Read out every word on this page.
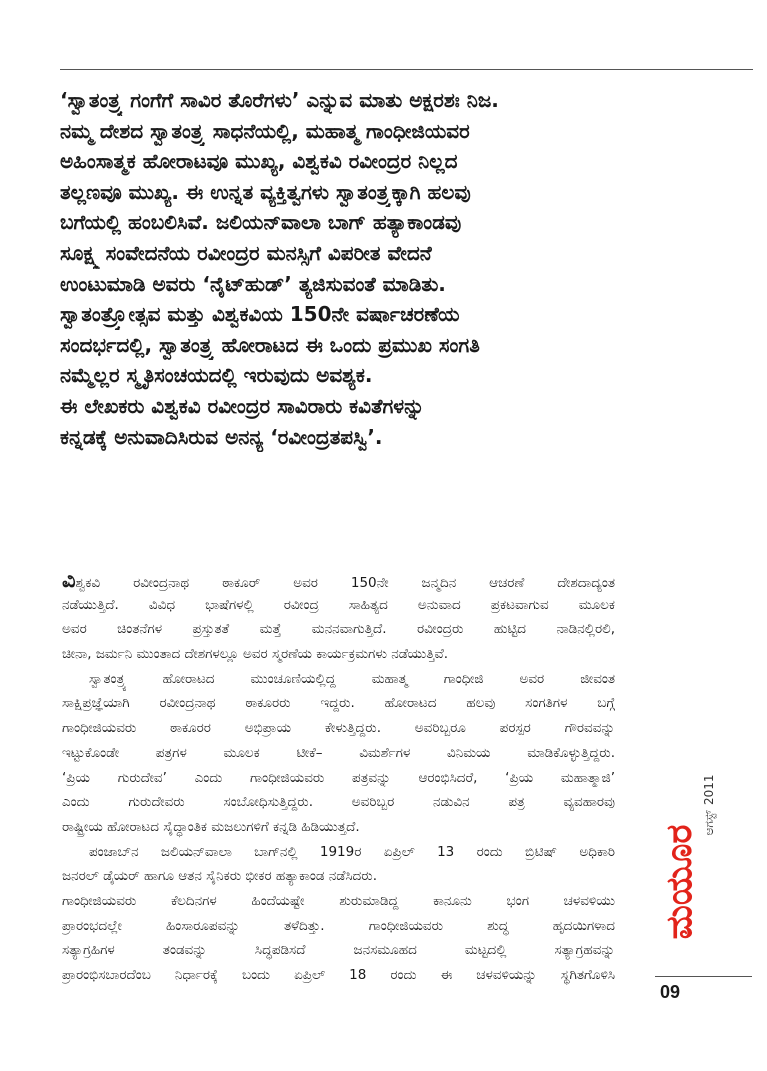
‘ಸ್ವಾತಂತ್ರ್ಯ ಗಂಗೆಗೆ ಸಾವಿರ ತೊರೆಗಳು’ ಎನ್ನುವ ಮಾತು ಅಕ್ಷರಶಃ ನಿಜ.
ನಮ್ಮ ದೇಶದ ಸ್ವಾತಂತ್ರ್ಯ ಸಾಧನೆಯಲ್ಲಿ, ಮಹಾತ್ಮ ಗಾಂಧೀಜಿಯವರ
ಅಹಿಂಸಾತ್ಮಕ ಹೋರಾಟವೂ ಮುಖ್ಯ, ವಿಶ್ವಕವಿ ರವೀಂದ್ರರ ನಿಲ್ಲದ
ತಲ್ಲಣವೂ ಮುಖ್ಯ. ಈ ಉನ್ನತ ವ್ಯಕ್ತಿತ್ವಗಳು ಸ್ವಾತಂತ್ರ್ಯಕ್ಕಾಗಿ ಹಲವು
ಬಗೆಯಲ್ಲಿ ಹಂಬಲಿಸಿವೆ. ಜಲಿಯನ್‌ವಾಲಾ ಬಾಗ್ ಹತ್ಯಾಕಾಂಡವು
ಸೂಕ್ಷ್ಮ ಸಂವೇದನೆಯ ರವೀಂದ್ರರ ಮನಸ್ಸಿಗೆ ವಿಪರೀತ ವೇದನೆ
ಉಂಟುಮಾಡಿ ಅವರು ‘ನೈಟ್‌ಹುಡ್’ ತ್ಯಜಿಸುವಂತೆ ಮಾಡಿತು.
ಸ್ವಾತಂತ್ರ್ಯೋತ್ಸವ ಮತ್ತು ವಿಶ್ವಕವಿಯ 150ನೇ ವರ್ಷಾಚರಣೆಯ
ಸಂದರ್ಭದಲ್ಲಿ, ಸ್ವಾತಂತ್ರ್ಯ ಹೋರಾಟದ ಈ ಒಂದು ಪ್ರಮುಖ ಸಂಗತಿ
ನಮ್ಮೆಲ್ಲರ ಸ್ಮೃತಿಸಂಚಯದಲ್ಲಿ ಇರುವುದು ಅವಶ್ಯಕ.
ಈ ಲೇಖಕರು ವಿಶ್ವಕವಿ ರವೀಂದ್ರರ ಸಾವಿರಾರು ಕವಿತೆಗಳನ್ನು
ಕನ್ನಡಕ್ಕೆ ಅನುವಾದಿಸಿರುವ ಅನನ್ಯ ‘ರವೀಂದ್ರತಪಸ್ವಿ’.
ವಿಶ್ವಕವಿ ರವೀಂದ್ರನಾಥ ಠಾಕೂರ್ ಅವರ 150ನೇ ಜನ್ಮದಿನ ಆಚರಣೆ ದೇಶದಾದ್ಯಂತ
ನಡೆಯುತ್ತಿದೆ. ವಿವಿಧ ಭಾಷೆಗಳಲ್ಲಿ ರವೀಂದ್ರ ಸಾಹಿತ್ಯದ ಅನುವಾದ ಪ್ರಕಟವಾಗುವ ಮೂಲಕ
ಅವರ ಚಿಂತನೆಗಳ ಪ್ರಸ್ತುತತೆ ಮತ್ತೆ ಮನನವಾಗುತ್ತಿದೆ. ರವೀಂದ್ರರು ಹುಟ್ಟಿದ ನಾಡಿನಲ್ಲಿರಲಿ,
ಚೀನಾ, ಜರ್ಮನಿ ಮುಂತಾದ ದೇಶಗಳಲ್ಲೂ ಅವರ ಸ್ಮರಣೆಯ ಕಾರ್ಯಕ್ರಮಗಳು ನಡೆಯುತ್ತಿವೆ.
ಸ್ವಾತಂತ್ರ್ಯ ಹೋರಾಟದ ಮುಂಚೂಣಿಯಲ್ಲಿದ್ದ ಮಹಾತ್ಮ ಗಾಂಧೀಜಿ ಅವರ ಜೀವಂತ
ಸಾಕ್ಷಿಪ್ರಜ್ಞೆಯಾಗಿ ರವೀಂದ್ರನಾಥ ಠಾಕೂರರು ಇದ್ದರು. ಹೋರಾಟದ ಹಲವು ಸಂಗತಿಗಳ ಬಗ್ಗೆ
ಗಾಂಧೀಜಿಯವರು ಠಾಕೂರರ ಅಭಿಪ್ರಾಯ ಕೇಳುತ್ತಿದ್ದರು. ಅವರಿಬ್ಬರೂ ಪರಸ್ಪರ ಗೌರವವನ್ನು
ಇಟ್ಟುಕೊಂಡೇ ಪತ್ರಗಳ ಮೂಲಕ ಟೀಕೆ– ವಿಮರ್ಶೆಗಳ ವಿನಿಮಯ ಮಾಡಿಕೊಳ್ಳುತ್ತಿದ್ದರು.
‘ಪ್ರಿಯ ಗುರುದೇವ’ ಎಂದು ಗಾಂಧೀಜಿಯವರು ಪತ್ರವನ್ನು ಆರಂಭಿಸಿದರೆ, ‘ಪ್ರಿಯ ಮಹಾತ್ಮಾಜಿ’
ಎಂದು ಗುರುದೇವರು ಸಂಬೋಧಿಸುತ್ತಿದ್ದರು. ಅವರಿಬ್ಬರ ನಡುವಿನ ಪತ್ರ ವ್ಯವಹಾರವು
ರಾಷ್ಟ್ರೀಯ ಹೋರಾಟದ ಸೈದ್ಧಾಂತಿಕ ಮಜಲುಗಳಿಗೆ ಕನ್ನಡಿ ಹಿಡಿಯುತ್ತದೆ.
ಪಂಜಾಬ್‌ನ ಜಲಿಯನ್‌ವಾಲಾ ಬಾಗ್‌ನಲ್ಲಿ 1919ರ ಏಪ್ರಿಲ್ 13 ರಂದು ಬ್ರಿಟಿಷ್ ಅಧಿಕಾರಿ
ಜನರಲ್ ಡೈಯರ್ ಹಾಗೂ ಆತನ ಸೈನಿಕರು ಭೀಕರ ಹತ್ಯಾಕಾಂಡ ನಡೆಸಿದರು.
ಗಾಂಧೀಜಿಯವರು ಕೆಲದಿನಗಳ ಹಿಂದೆಯಷ್ಟೇ ಶುರುಮಾಡಿದ್ದ ಕಾನೂನು ಭಂಗ ಚಳವಳಿಯು
ಪ್ರಾರಂಭದಲ್ಲೇ ಹಿಂಸಾರೂಪವನ್ನು ತಳೆದಿತ್ತು. ಗಾಂಧೀಜಿಯವರು ಶುದ್ಧ ಹೃದಯಿಗಳಾದ
ಸತ್ಯಾಗ್ರಹಿಗಳ ತಂಡವನ್ನು ಸಿದ್ಧಪಡಿಸದೆ ಜನಸಮೂಹದ ಮಟ್ಟದಲ್ಲಿ ಸತ್ಯಾಗ್ರಹವನ್ನು
ಪ್ರಾರಂಭಿಸಬಾರದೆಂಬ ನಿರ್ಧಾರಕ್ಕೆ ಬಂದು ಏಪ್ರಿಲ್ 18 ರಂದು ಈ ಚಳವಳಿಯನ್ನು ಸ್ಥಗಿತಗೊಳಿಸಿ
ಆಗಸ್ಟ್2011
ಮಯೂರ
09
